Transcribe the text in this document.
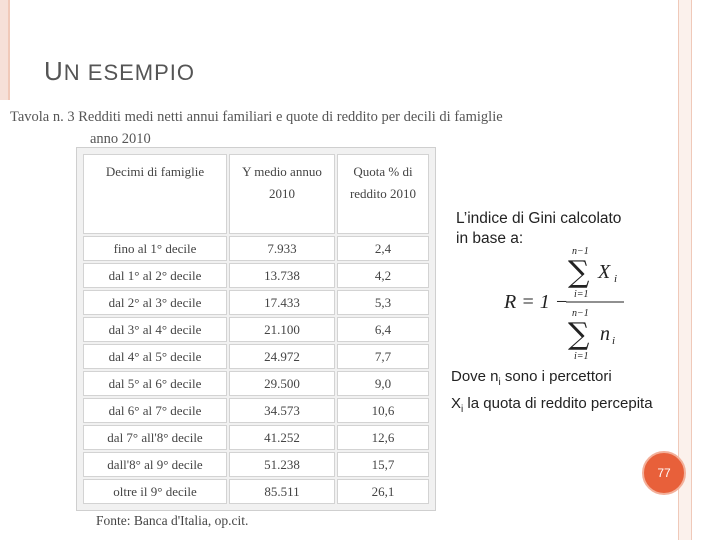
UN ESEMPIO
Tavola n. 3 Redditi medi netti annui familiari e quote di reddito per decili di famiglie
anno 2010
Decimi di famiglie	Y medio annuo 2010	Quota % di reddito 2010
fino al 1° decile	7.933	2,4
dal 1° al 2° decile	13.738	4,2
dal 2° al 3° decile	17.433	5,3
dal 3° al 4° decile	21.100	6,4
dal 4° al 5° decile	24.972	7,7
dal 5° al 6° decile	29.500	9,0
dal 6° al 7° decile	34.573	10,6
dal 7° all'8° decile	41.252	12,6
dall'8° al 9° decile	51.238	15,7
oltre il 9° decile	85.511	26,1
Fonte: Banca d'Italia, op.cit.
L’indice di Gini calcolato
in base a:
R = 1 −
n−1
∑ X i
i=1
n−1
∑ n i
i=1
Dove $n_i$ sono i percettori
$X_i$ la quota di reddito percepita
77
